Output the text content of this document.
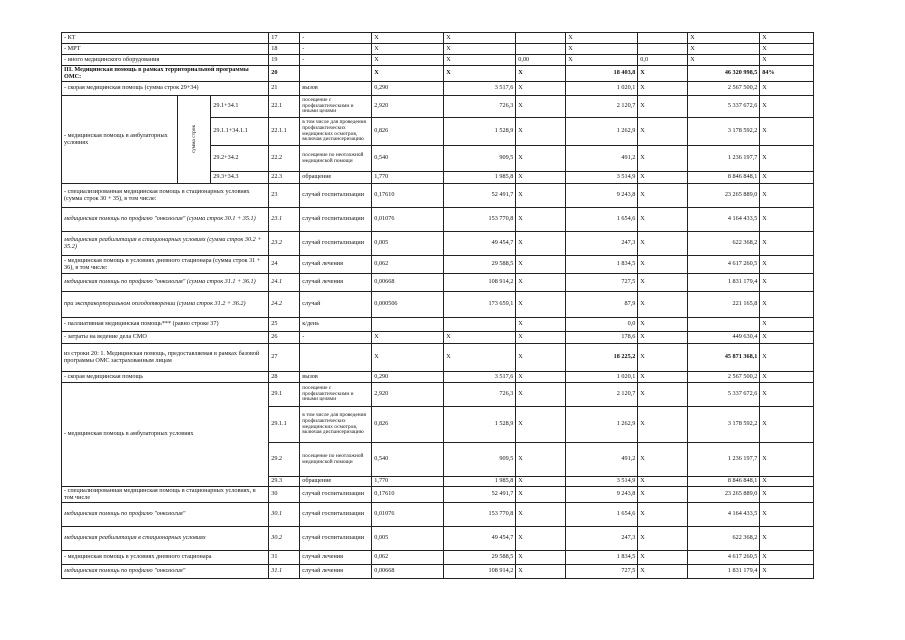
- КТ			17	-	Х	Х		Х		Х	Х
- МРТ			18	-	Х	Х		Х		Х	Х
- иного медицинского оборудования			19	-	Х	Х	0,00	Х	0,0	Х	Х
III. Медицинская помощь в рамках территориальной программы ОМС:			20		Х	Х	Х	18 403,8	Х	46 320 998,5	84%
- скорая медицинская помощь (сумма строк 29+34)			21	вызов	0,290	3 517,6	Х	1 020,1	Х	2 567 500,2	Х
- медицинская помощь в амбулаторных условиях	сумма строк	29.1+34.1	22.1	посещение с профилактическими и иными целями	2,920	726,3	Х	2 120,7	Х	5 337 672,6	Х
		29.1.1+34.1.1	22.1.1	в том числе для проведения профилактических медицинских осмотров, включая диспансеризацию	0,826	1 528,9	Х	1 262,9	Х	3 178 592,2	Х
		29.2+34.2	22.2	посещение по неотложной медицинской помощи	0,540	909,5	Х	491,2	Х	1 236 197,7	Х
		29.3+34.3	22.3	обращение	1,770	1 985,8	Х	3 514,9	Х	8 846 848,1	Х
- специализированная медицинская помощь в стационарных условиях (сумма строк 30 + 35), в том числе:			23	случай госпитализации	0,17610	52 491,7	Х	9 243,8	Х	23 265 889,0	Х
медицинская помощь по профилю "онкология" (сумма строк 30.1 + 35.1)			23.1	случай госпитализации	0,01076	153 770,8	Х	1 654,6	Х	4 164 433,5	Х
медицинская реабилитация в стационарных условиях (сумма строк 30.2 + 35.2)			23.2	случай госпитализации	0,005	49 454,7	Х	247,3	Х	622 368,2	Х
- медицинская помощь в условиях дневного стационара (сумма строк 31 + 36), в том числе:			24	случай лечения	0,062	29 588,5	Х	1 834,5	Х	4 617 260,5	Х
медицинская помощь по профилю "онкология" (сумма строк 31.1 + 36.1)			24.1	случай лечения	0,00668	108 914,2	Х	727,5	Х	1 831 179,4	Х
при экстракорпоральном оплодотворении (сумма строк 31.2 + 36.2)			24.2	случай	0,000506	173 659,1	Х	87,9	Х	221 165,8	Х
- паллиативная медицинская помощь*** (равно строке 37)			25	к/день			Х	0,0	Х		Х
- затраты на ведение дела СМО			26	-	Х	Х	Х	178,6	Х	449 630,4	Х
из строки 20: 1. Медицинская помощь, предоставляемая в рамках базовой программы ОМС застрахованным лицам			27		Х	Х	Х	18 225,2	Х	45 871 368,1	Х
- скорая медицинская помощь			28	вызов	0,290	3 517,6	Х	1 020,1	Х	2 567 500,2	Х
- медицинская помощь в амбулаторных условиях			29.1	посещение с профилактическими и иными целями	2,920	726,3	Х	2 120,7	Х	5 337 672,6	Х
			29.1.1	в том числе для проведения профилактических медицинских осмотров, включая диспансеризацию	0,826	1 528,9	Х	1 262,9	Х	3 178 592,2	Х
			29.2	посещение по неотложной медицинской помощи	0,540	909,5	Х	491,2	Х	1 236 197,7	Х
			29.3	обращение	1,770	1 985,8	Х	3 514,9	Х	8 846 848,1	Х
- специализированная медицинская помощь в стационарных условиях, в том числе			30	случай госпитализации	0,17610	52 491,7	Х	9 243,8	Х	23 265 889,0	Х
медицинская помощь по профилю "онкология"			30.1	случай госпитализации	0,01076	153 770,8	Х	1 654,6	Х	4 164 433,5	Х
медицинская реабилитация в стационарных условиях			30.2	случай госпитализации	0,005	49 454,7	Х	247,3	Х	622 368,2	Х
- медицинская помощь в условиях дневного стационара			31	случай лечения	0,062	29 588,5	Х	1 834,5	Х	4 617 260,5	Х
медицинская помощь по профилю "онкология"			31.1	случай лечения	0,00668	108 914,2	Х	727,5	Х	1 831 179,4	Х
